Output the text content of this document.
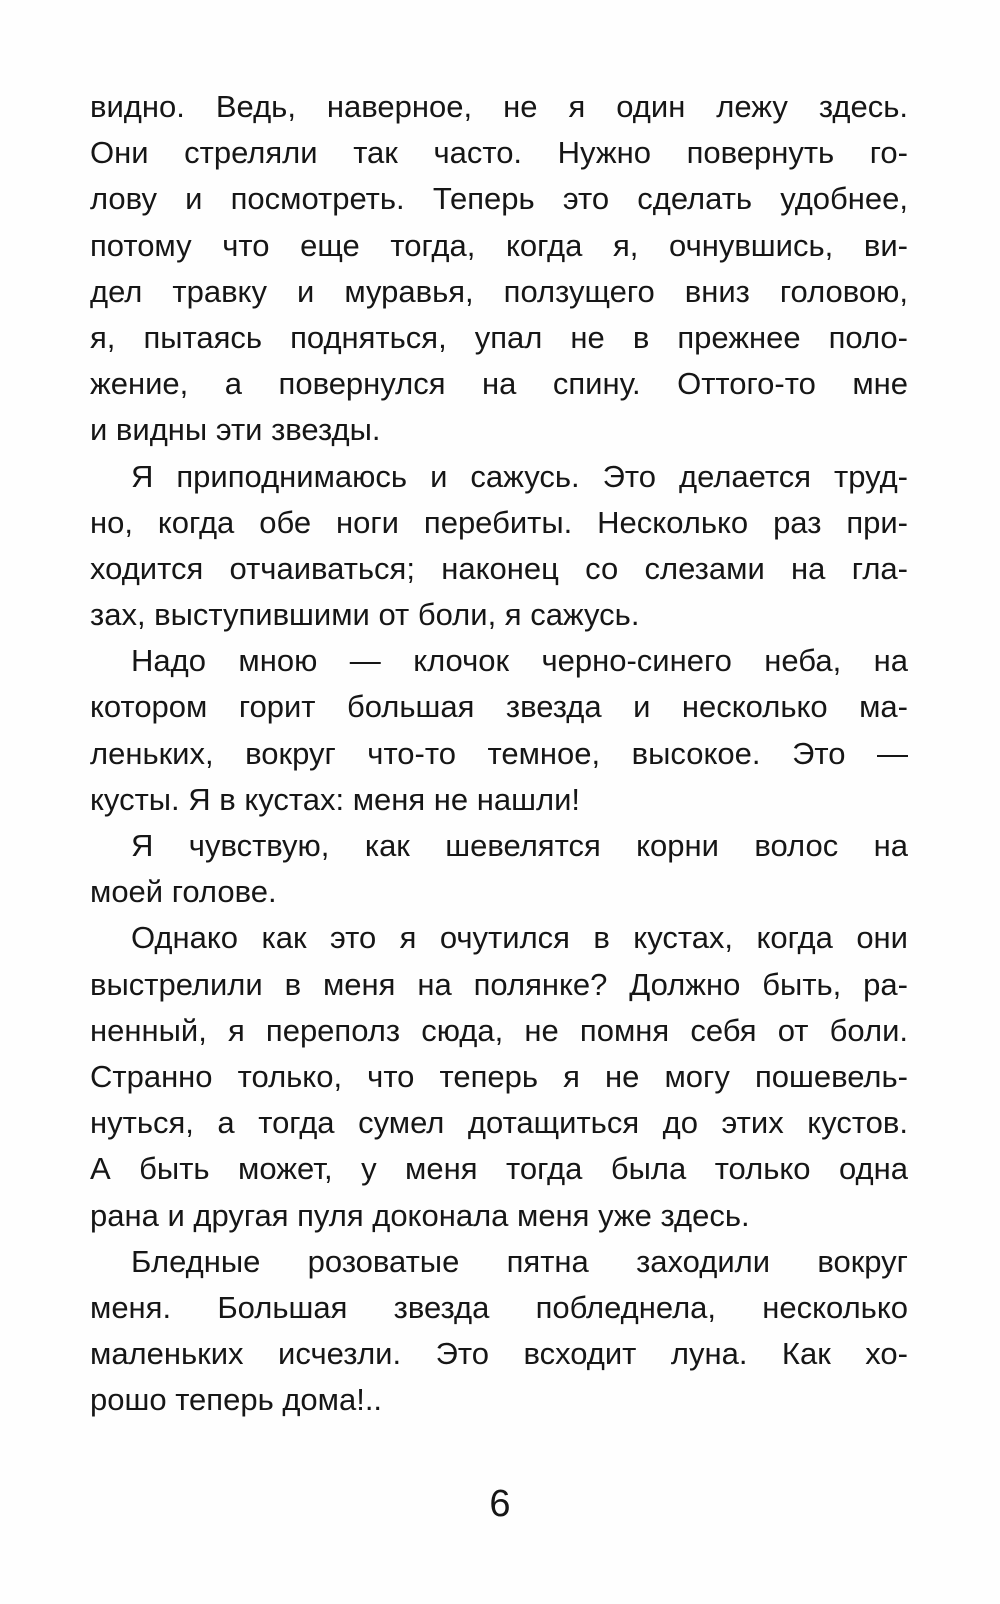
видно. Ведь, наверное, не я один лежу здесь.
Они стреляли так часто. Нужно повернуть го-
лову и посмотреть. Теперь это сделать удобнее,
потому что еще тогда, когда я, очнувшись, ви-
дел травку и муравья, ползущего вниз головою,
я, пытаясь подняться, упал не в прежнее поло-
жение, а повернулся на спину. Оттого-то мне
и видны эти звезды.
Я приподнимаюсь и сажусь. Это делается труд-
но, когда обе ноги перебиты. Несколько раз при-
ходится отчаиваться; наконец со слезами на гла-
зах, выступившими от боли, я сажусь.
Надо мною — клочок черно-синего неба, на
котором горит большая звезда и несколько ма-
леньких, вокруг что-то темное, высокое. Это —
кусты. Я в кустах: меня не нашли!
Я чувствую, как шевелятся корни волос на
моей голове.
Однако как это я очутился в кустах, когда они
выстрелили в меня на полянке? Должно быть, ра-
ненный, я переполз сюда, не помня себя от боли.
Странно только, что теперь я не могу пошевель-
нуться, а тогда сумел дотащиться до этих кустов.
А быть может, у меня тогда была только одна
рана и другая пуля доконала меня уже здесь.
Бледные розоватые пятна заходили вокруг
меня. Большая звезда побледнела, несколько
маленьких исчезли. Это всходит луна. Как хо-
рошо теперь дома!..
6
